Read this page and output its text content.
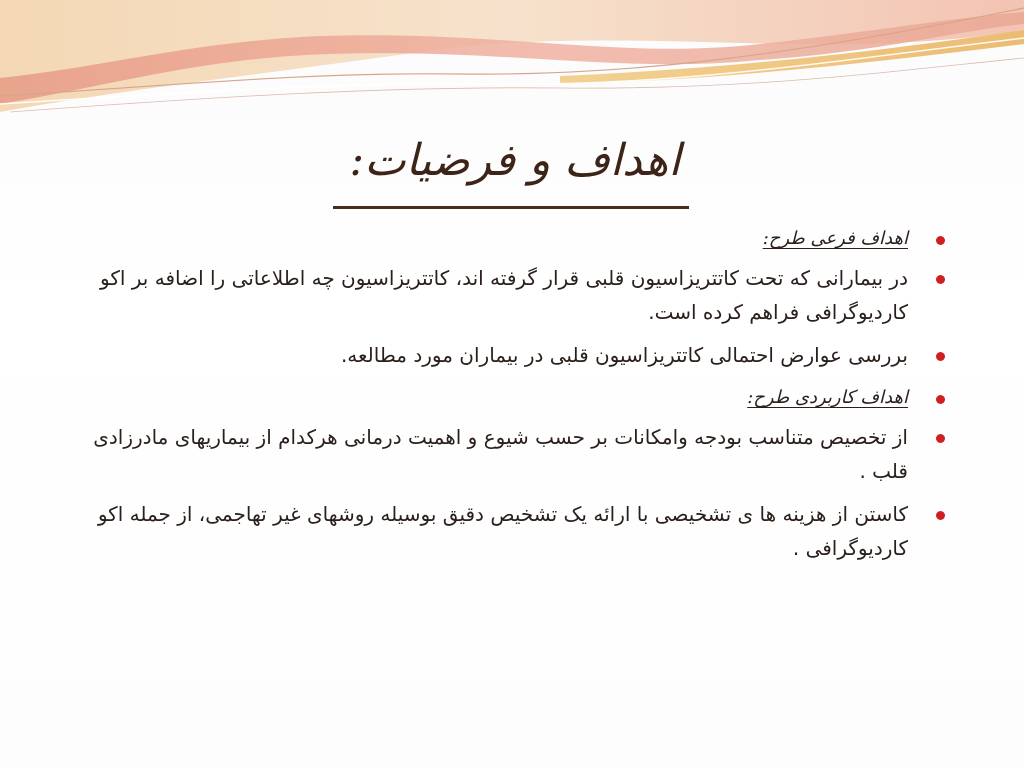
اهداف و فرضیات:
اهداف فرعی طرح:
در بیمارانی که تحت کاتتریزاسیون قلبی قرار گرفته اند، کاتتریزاسیون چه اطلاعاتی را اضافه بر اکو کاردیوگرافی فراهم کرده است.
بررسی عوارض احتمالی کاتتریزاسیون قلبی در بیماران مورد مطالعه.
اهداف کاربردی طرح:
از تخصیص متناسب بودجه وامکانات بر حسب شیوع و اهمیت درمانی هرکدام از بیماریهای مادرزادی قلب .
کاستن از هزینه ها ی تشخیصی با ارائه یک تشخیص دقیق بوسیله روشهای غیر تهاجمی، از جمله اکو کاردیوگرافی .
